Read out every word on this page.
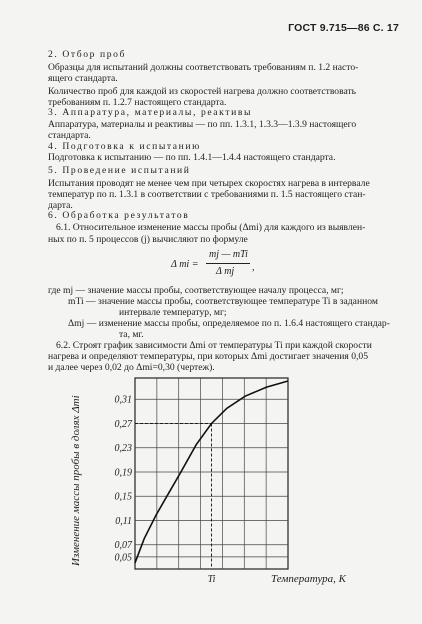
ГОСТ 9.715—86 С. 17
2. Отбор проб
Образцы для испытаний должны соответствовать требованиям п. 1.2 насто-
ящего стандарта.
Количество проб для каждой из скоростей нагрева должно соответствовать
требованиям п. 1.2.7 настоящего стандарта.
3. Аппаратура, материалы, реактивы
Аппаратура, материалы и реактивы — по пп. 1.3.1, 1.3.3—1.3.9 настоящего
стандарта.
4. Подготовка к испытанию
Подготовка к испытанию — по пп. 1.4.1—1.4.4 настоящего стандарта.
5. Проведение испытаний
Испытания проводят не менее чем при четырех скоростях нагрева в интервале
температур по п. 1.3.1 в соответствии с требованиями п. 1.5 настоящего стан-
дарта.
6. Обработка результатов
6.1. Относительное изменение массы пробы (Δmi) для каждого из выявлен-
ных по п. 5 процессов (j) вычисляют по формуле
Δ mi =
mj — mTi
Δ mj ,
где mj — значение массы пробы, соответствующее началу процесса, мг;
mTi — значение массы пробы, соответствующее температуре Ti в заданном
интервале температур, мг;
Δmj — изменение массы пробы, определяемое по п. 1.6.4 настоящего стандар-
та, мг.
6.2. Строят график зависимости Δmi от температуры Ti при каждой скорости
нагрева и определяют температуры, при которых Δmi достигает значения 0,05
и далее через 0,02 до Δmi=0,30 (чертеж).
Изменение массы пробы в долях Δmi	0,05
0,07
0,11
0,15
0,19
0,23
0,27
0,31
Ti	Температура, К
